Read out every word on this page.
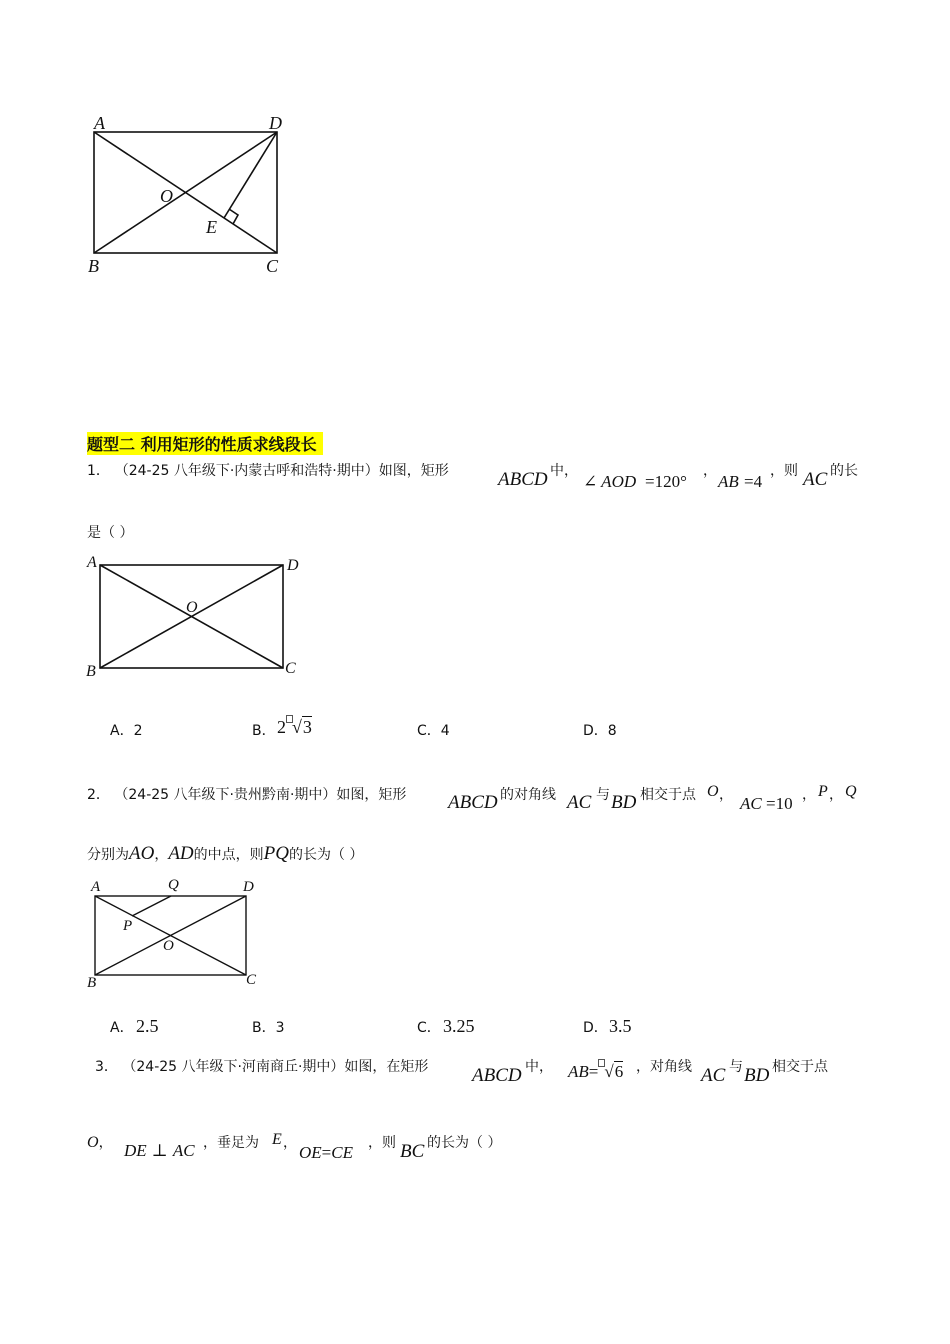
A	D
O
E
B	C
题型二 利用矩形的性质求线段长
1． （24-25 八年级下·内蒙古呼和浩特·期中）如图，矩形	ABCD 中，
∠ AOD =120°
，
AB =4
，则 AC 的长
是（ ）
A	D
O
B	C
A．2	B． 2 √3	C．4	D．8
2． （24-25 八年级下·贵州黔南·期中）如图，矩形 ABCD 的对角线 AC 与 BD 相交于点 O ， AC =10 ， P ， Q
分别为AO，AD的中点，则PQ的长为（ ）
A	Q	D
P
O
B	C
A． 2.5	B．3	C． 3.25	D． 3.5
3． （24-25 八年级下·河南商丘·期中）如图，在矩形 ABCD 中， AB= √6 ，对角线 AC 与 BD 相交于点
O， DE ⊥ AC ，垂足为 E ， OE=CE ，则 BC 的长为（ ）
